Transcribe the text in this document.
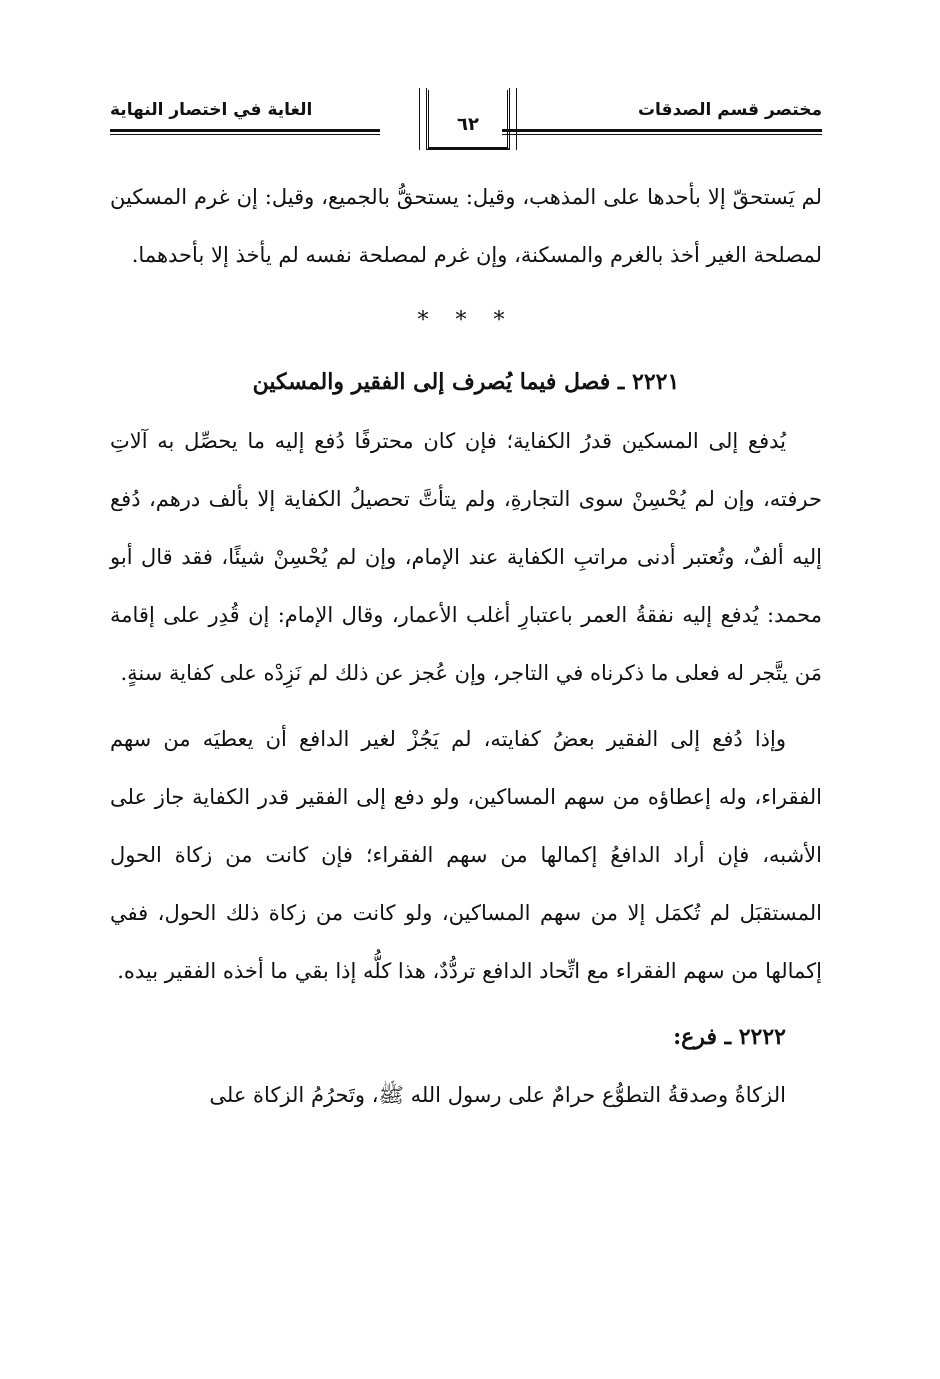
مختصر قسم الصدقات
٦٢
الغاية في اختصار النهاية

لم يَستحقّ إلا بأحدها على المذهب، وقيل: يستحقُّ بالجميع، وقيل: إن غرم المسكين لمصلحة الغير أخذ بالغرم والمسكنة، وإن غرم لمصلحة نفسه لم يأخذ إلا بأحدهما.

* * *
٢٢٢١ ـ فصل فيما يُصرف إلى الفقير والمسكين

يُدفع إلى المسكين قدرُ الكفاية؛ فإن كان محترفًا دُفع إليه ما يحصِّل به آلاتِ حرفته، وإن لم يُحْسِنْ سوى التجارةِ، ولم يتأتَّ تحصيلُ الكفاية إلا بألف درهم، دُفع إليه ألفٌ، وتُعتبر أدنى مراتبِ الكفاية عند الإمام، وإن لم يُحْسِنْ شيئًا، فقد قال أبو محمد: يُدفع إليه نفقةُ العمر باعتبارِ أغلب الأعمار، وقال الإمام: إن قُدِر على إقامة مَن يتَّجر له فعلى ما ذكرناه في التاجر، وإن عُجز عن ذلك لم نَزِدْه على كفاية سنةٍ.

وإذا دُفع إلى الفقير بعضُ كفايته، لم يَجُزْ لغير الدافع أن يعطيَه من سهم الفقراء، وله إعطاؤه من سهم المساكين، ولو دفع إلى الفقير قدر الكفاية جاز على الأشبه، فإن أراد الدافعُ إكمالها من سهم الفقراء؛ فإن كانت من زكاة الحول المستقبَل لم تُكمَل إلا من سهم المساكين، ولو كانت من زكاة ذلك الحول، ففي إكمالها من سهم الفقراء مع اتِّحاد الدافع تردُّدٌ، هذا كلُّه إذا بقي ما أخذه الفقير بيده.

٢٢٢٢ ـ فرع:

الزكاةُ وصدقةُ التطوُّع حرامٌ على رسول الله ﷺ، وتَحرُمُ الزكاة على
